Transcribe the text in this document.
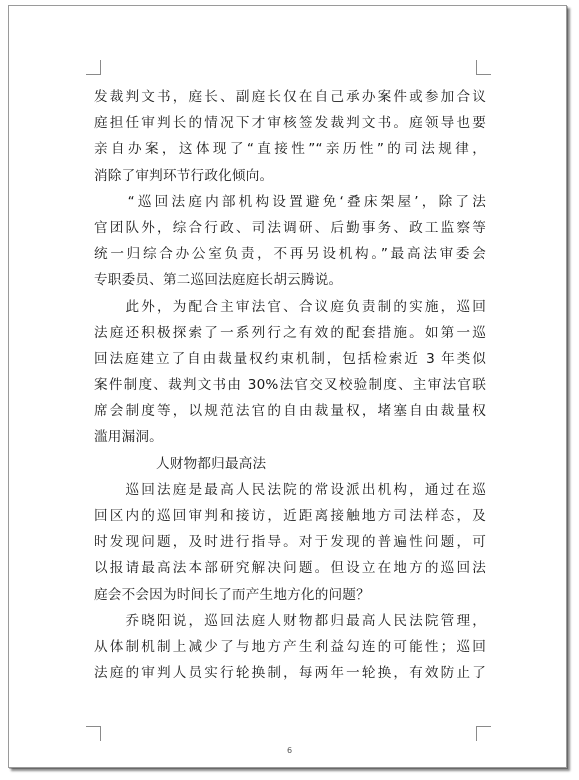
发裁判文书，庭长、副庭长仅在自己承办案件或参加合议
庭担任审判长的情况下才审核签发裁判文书。庭领导也要
亲自办案，这体现了“直接性”“亲历性”的司法规律，
消除了审判环节行政化倾向。
　　“巡回法庭内部机构设置避免‘叠床架屋’，除了法
官团队外，综合行政、司法调研、后勤事务、政工监察等
统一归综合办公室负责，不再另设机构。”最高法审委会
专职委员、第二巡回法庭庭长胡云腾说。
　　此外，为配合主审法官、合议庭负责制的实施，巡回
法庭还积极探索了一系列行之有效的配套措施。如第一巡
回法庭建立了自由裁量权约束机制，包括检索近 3 年类似
案件制度、裁判文书由 30%法官交叉校验制度、主审法官联
席会制度等，以规范法官的自由裁量权，堵塞自由裁量权
滥用漏洞。
人财物都归最高法
　　巡回法庭是最高人民法院的常设派出机构，通过在巡
回区内的巡回审判和接访，近距离接触地方司法样态，及
时发现问题，及时进行指导。对于发现的普遍性问题，可
以报请最高法本部研究解决问题。但设立在地方的巡回法
庭会不会因为时间长了而产生地方化的问题？
　　乔晓阳说，巡回法庭人财物都归最高人民法院管理，
从体制机制上减少了与地方产生利益勾连的可能性；巡回
法庭的审判人员实行轮换制，每两年一轮换，有效防止了
6
